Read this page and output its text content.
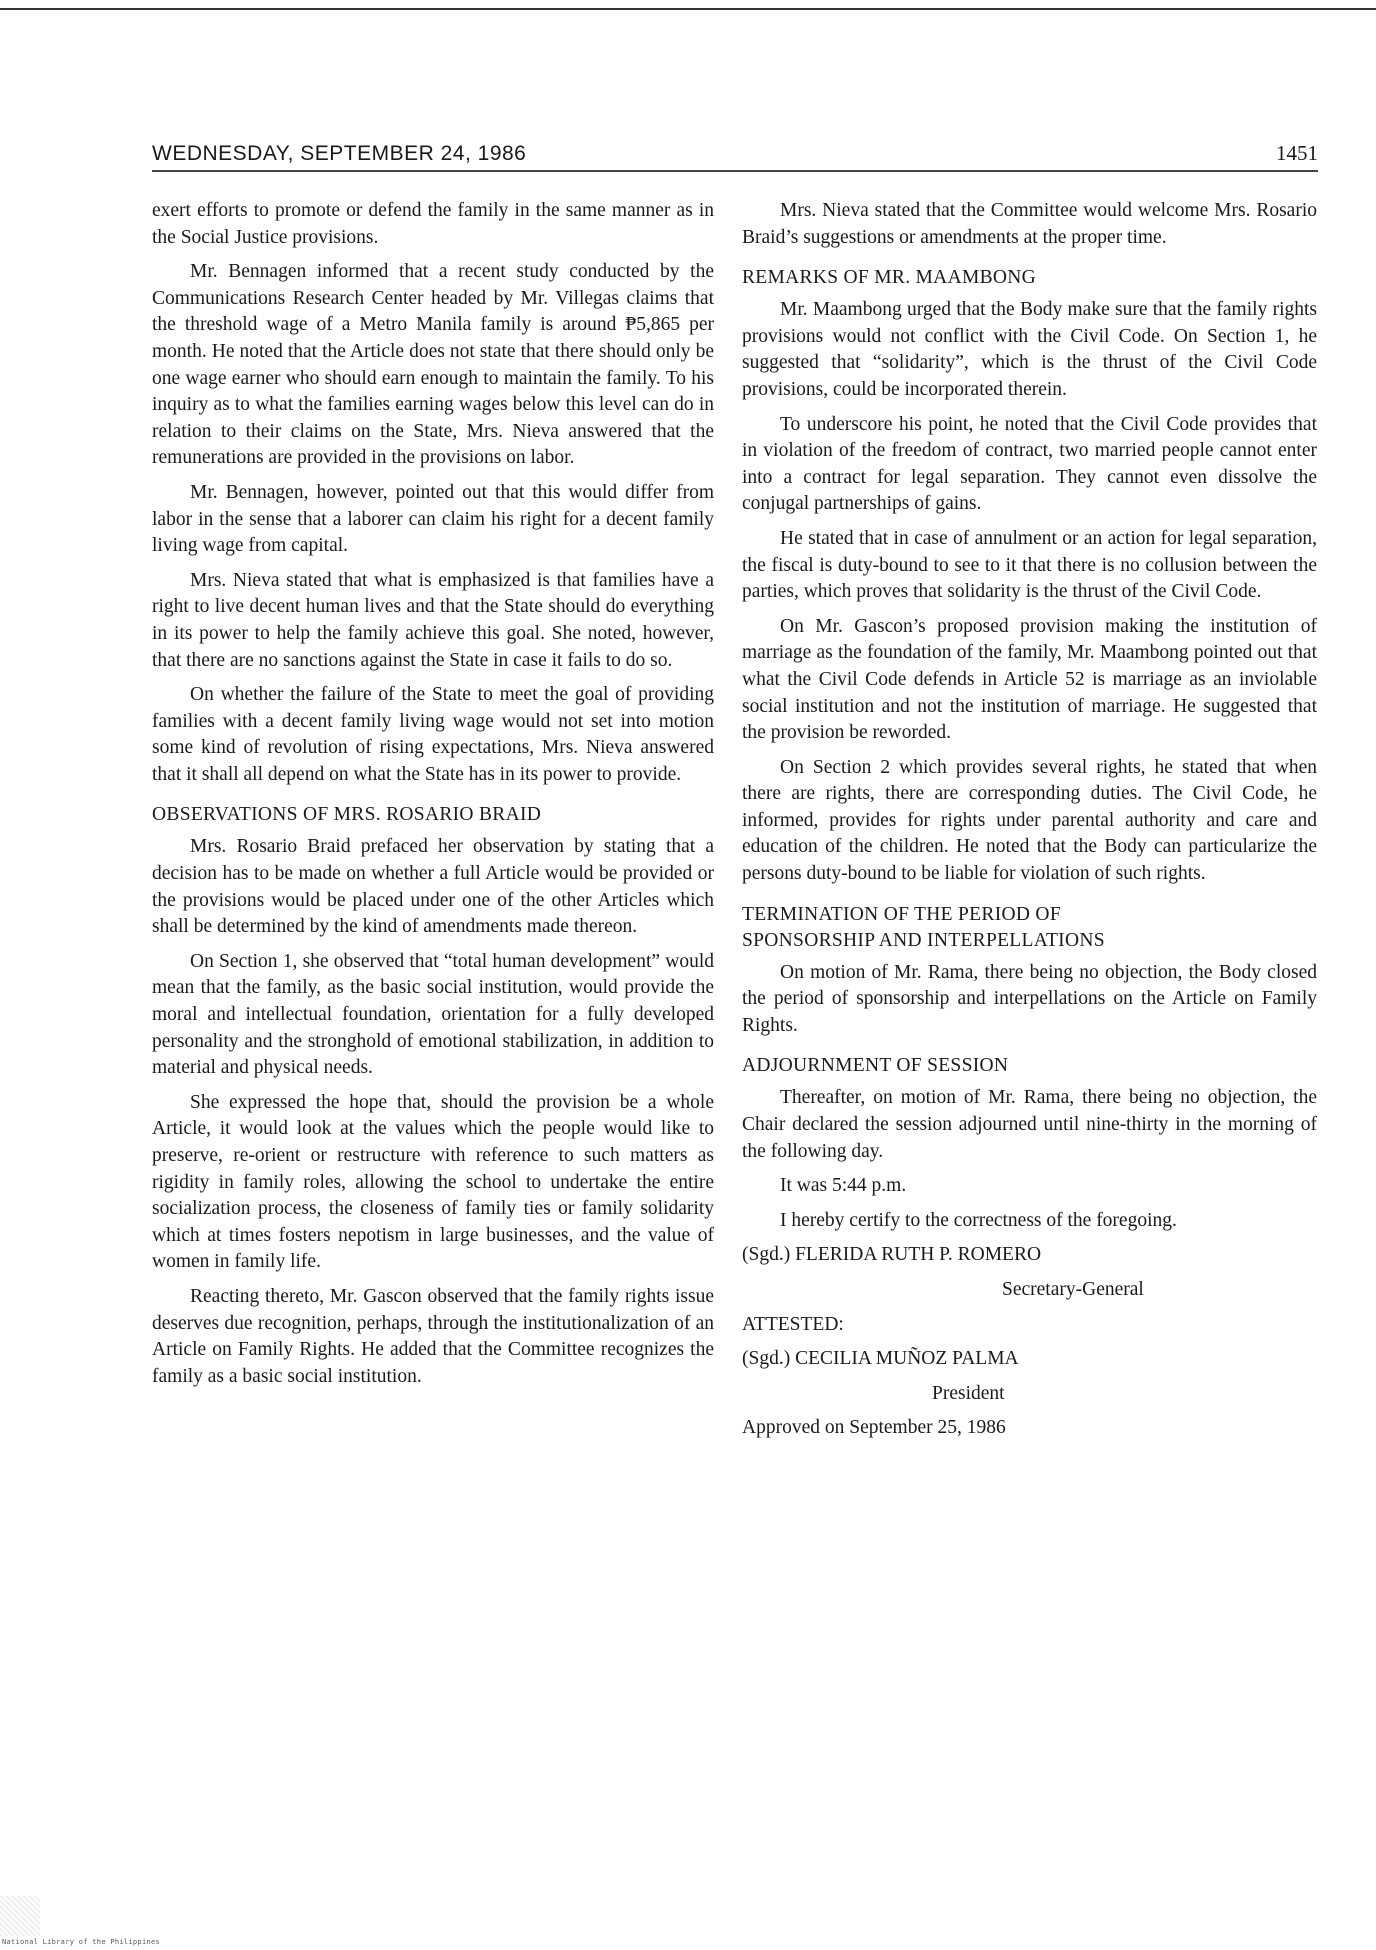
WEDNESDAY, SEPTEMBER 24, 1986	1451

exert efforts to promote or defend the family in the same manner as in the Social Justice provisions.

Mr. Bennagen informed that a recent study conducted by the Communications Research Center headed by Mr. Villegas claims that the threshold wage of a Metro Manila family is around ₱5,865 per month. He noted that the Article does not state that there should only be one wage earner who should earn enough to maintain the family. To his inquiry as to what the families earning wages below this level can do in relation to their claims on the State, Mrs. Nieva answered that the remunerations are provided in the provisions on labor.

Mr. Bennagen, however, pointed out that this would differ from labor in the sense that a laborer can claim his right for a decent family living wage from capital.

Mrs. Nieva stated that what is emphasized is that families have a right to live decent human lives and that the State should do everything in its power to help the family achieve this goal. She noted, however, that there are no sanctions against the State in case it fails to do so.

On whether the failure of the State to meet the goal of providing families with a decent family living wage would not set into motion some kind of revolution of rising expectations, Mrs. Nieva answered that it shall all depend on what the State has in its power to provide.

OBSERVATIONS OF MRS. ROSARIO BRAID

Mrs. Rosario Braid prefaced her observation by stating that a decision has to be made on whether a full Article would be provided or the provisions would be placed under one of the other Articles which shall be determined by the kind of amendments made thereon.

On Section 1, she observed that “total human development” would mean that the family, as the basic social institution, would provide the moral and intellectual foundation, orientation for a fully developed personality and the stronghold of emotional stabilization, in addition to material and physical needs.

She expressed the hope that, should the provision be a whole Article, it would look at the values which the people would like to preserve, re-orient or restructure with reference to such matters as rigidity in family roles, allowing the school to undertake the entire socialization process, the closeness of family ties or family solidarity which at times fosters nepotism in large businesses, and the value of women in family life.

Reacting thereto, Mr. Gascon observed that the family rights issue deserves due recognition, perhaps, through the institutionalization of an Article on Family Rights. He added that the Committee recognizes the family as a basic social institution.

Mrs. Nieva stated that the Committee would welcome Mrs. Rosario Braid’s suggestions or amendments at the proper time.

REMARKS OF MR. MAAMBONG

Mr. Maambong urged that the Body make sure that the family rights provisions would not conflict with the Civil Code. On Section 1, he suggested that “solidarity”, which is the thrust of the Civil Code provisions, could be incorporated therein.

To underscore his point, he noted that the Civil Code provides that in violation of the freedom of contract, two married people cannot enter into a contract for legal separation. They cannot even dissolve the conjugal partnerships of gains.

He stated that in case of annulment or an action for legal separation, the fiscal is duty-bound to see to it that there is no collusion between the parties, which proves that solidarity is the thrust of the Civil Code.

On Mr. Gascon’s proposed provision making the institution of marriage as the foundation of the family, Mr. Maambong pointed out that what the Civil Code defends in Article 52 is marriage as an inviolable social institution and not the institution of marriage. He suggested that the provision be reworded.

On Section 2 which provides several rights, he stated that when there are rights, there are corresponding duties. The Civil Code, he informed, provides for rights under parental authority and care and education of the children. He noted that the Body can particularize the persons duty-bound to be liable for violation of such rights.

TERMINATION OF THE PERIOD OF
SPONSORSHIP AND INTERPELLATIONS

On motion of Mr. Rama, there being no objection, the Body closed the period of sponsorship and interpellations on the Article on Family Rights.

ADJOURNMENT OF SESSION

Thereafter, on motion of Mr. Rama, there being no objection, the Chair declared the session adjourned until nine-thirty in the morning of the following day.

It was 5:44 p.m.

I hereby certify to the correctness of the foregoing.

(Sgd.) FLERIDA RUTH P. ROMERO

Secretary-General

ATTESTED:

(Sgd.) CECILIA MUÑOZ PALMA

President

Approved on September 25, 1986

National Library of the Philippines
